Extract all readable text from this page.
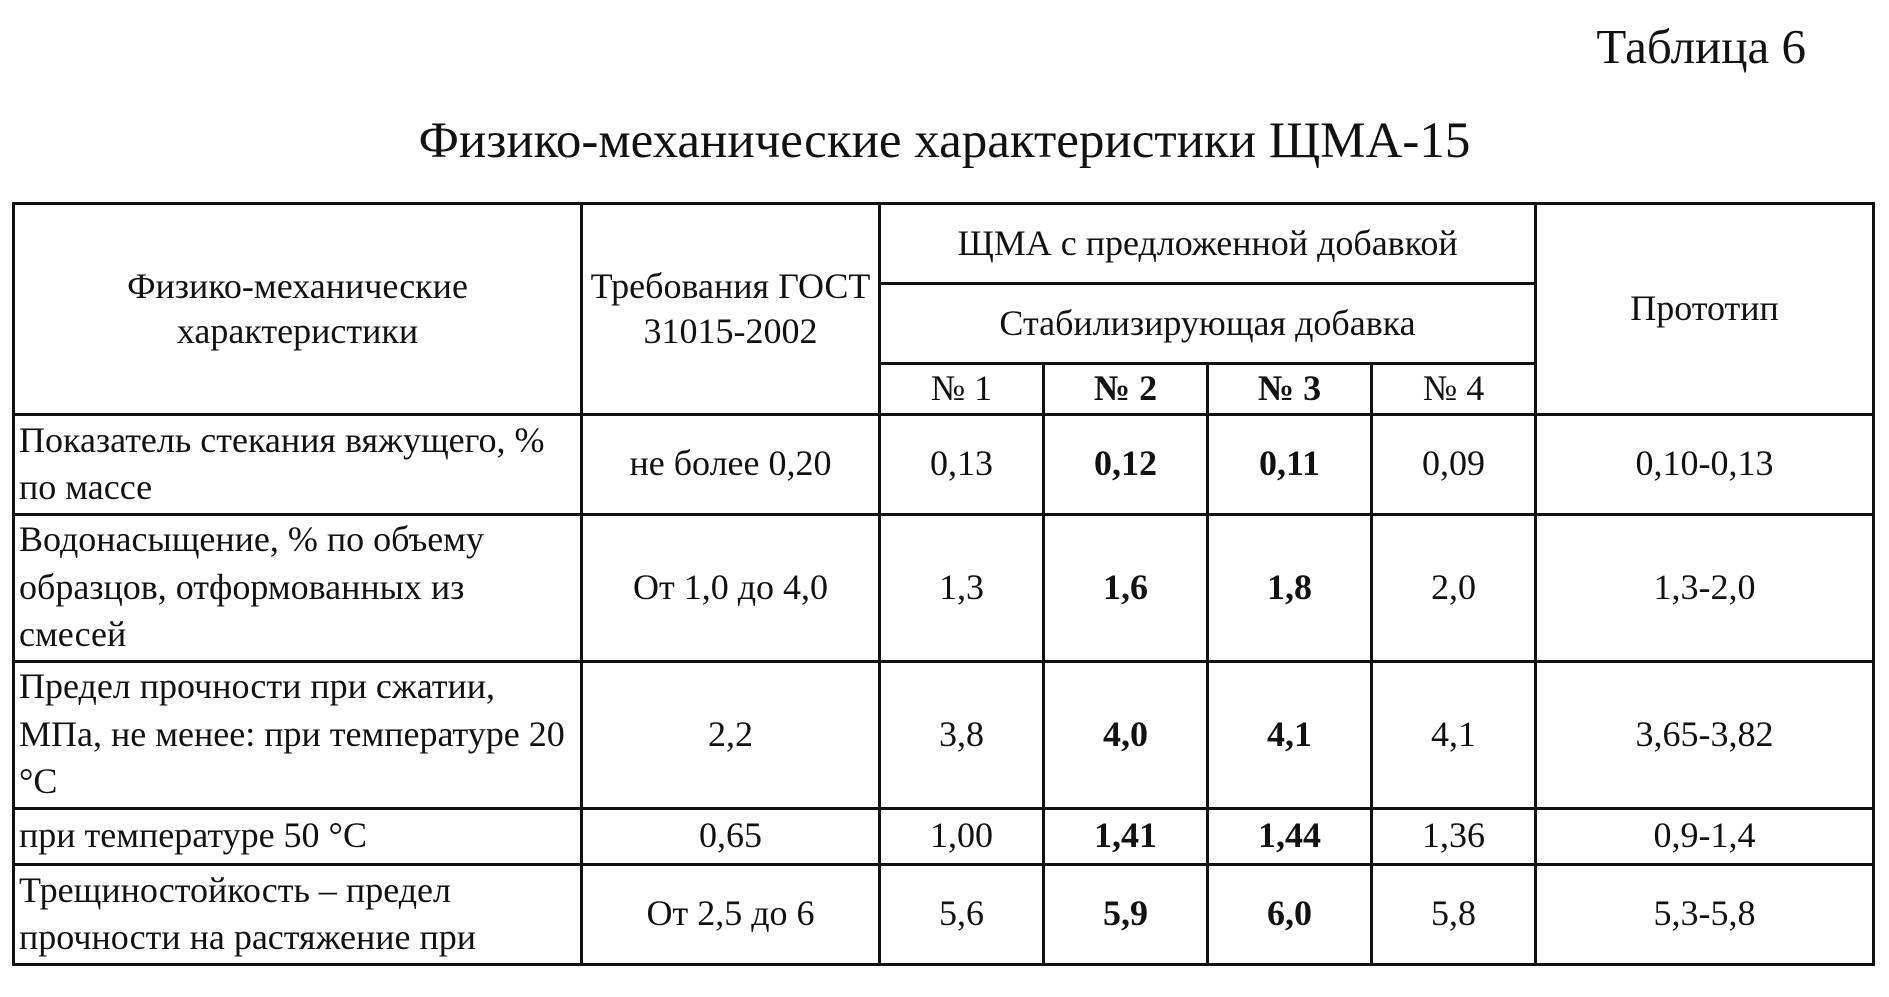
Таблица 6
Физико-механические характеристики ЩМА-15
Физико-механические характеристики	Требования ГОСТ 31015-2002	ЩМА с предложенной добавкой				Прототип
		Стабилизирующая добавка				
		№ 1	№ 2	№ 3	№ 4	
Показатель стекания вяжущего, % по массе	не более 0,20	0,13	0,12	0,11	0,09	0,10-0,13
Водонасыщение, % по объему образцов, отформованных из смесей	От 1,0 до 4,0	1,3	1,6	1,8	2,0	1,3-2,0
Предел прочности при сжатии, МПа, не менее: при температуре 20 °С	2,2	3,8	4,0	4,1	4,1	3,65-3,82
при температуре 50 °С	0,65	1,00	1,41	1,44	1,36	0,9-1,4
Трещиностойкость – предел прочности на растяжение при	От 2,5 до 6	5,6	5,9	6,0	5,8	5,3-5,8
